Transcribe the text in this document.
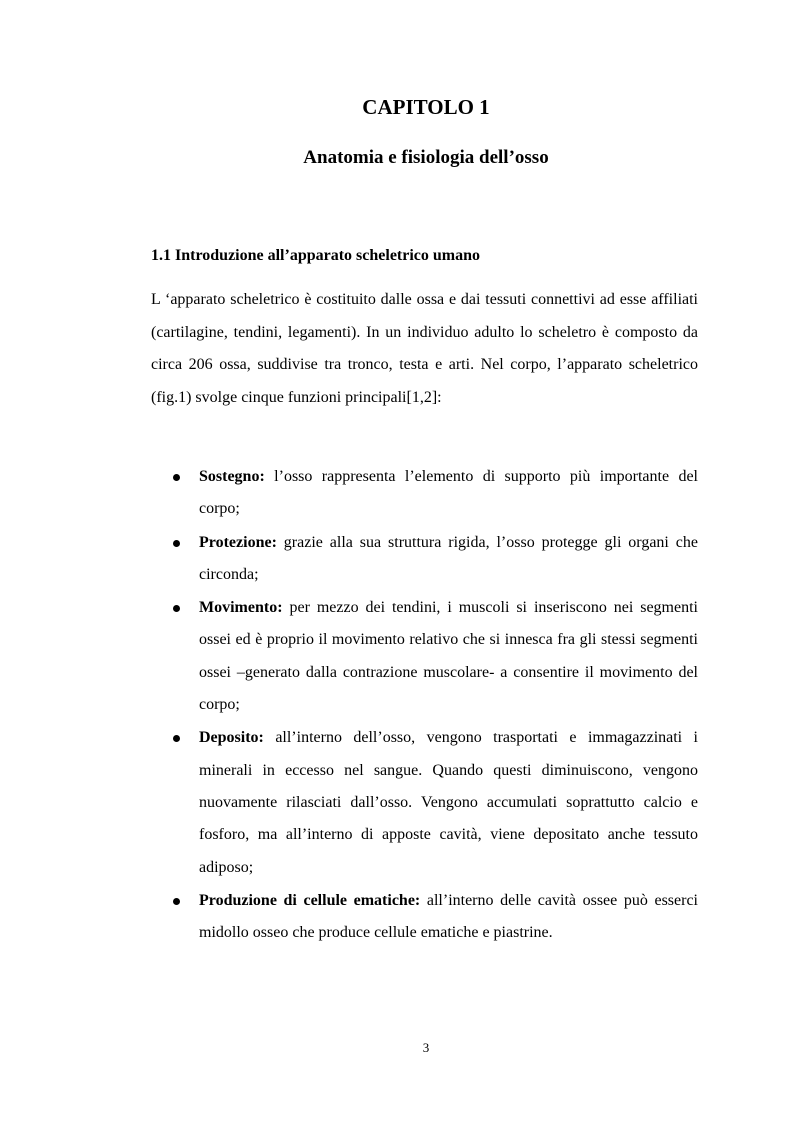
CAPITOLO 1
Anatomia e fisiologia dell’osso
1.1 Introduzione all’apparato scheletrico umano

L ‘apparato scheletrico è costituito dalle ossa e dai tessuti connettivi ad esse affiliati (cartilagine, tendini, legamenti). In un individuo adulto lo scheletro è composto da circa 206 ossa, suddivise tra tronco, testa e arti. Nel corpo, l’apparato scheletrico (fig.1) svolge cinque funzioni principali[1,2]:

Sostegno: l’osso rappresenta l’elemento di supporto più importante del corpo;
Protezione: grazie alla sua struttura rigida, l’osso protegge gli organi che circonda;
Movimento: per mezzo dei tendini, i muscoli si inseriscono nei segmenti ossei ed è proprio il movimento relativo che si innesca fra gli stessi segmenti ossei –generato dalla contrazione muscolare- a consentire il movimento del corpo;
Deposito: all’interno dell’osso, vengono trasportati e immagazzinati i minerali in eccesso nel sangue. Quando questi diminuiscono, vengono nuovamente rilasciati dall’osso. Vengono accumulati soprattutto calcio e fosforo, ma all’interno di apposte cavità, viene depositato anche tessuto adiposo;
Produzione di cellule ematiche: all’interno delle cavità ossee può esserci midollo osseo che produce cellule ematiche e piastrine.
3
